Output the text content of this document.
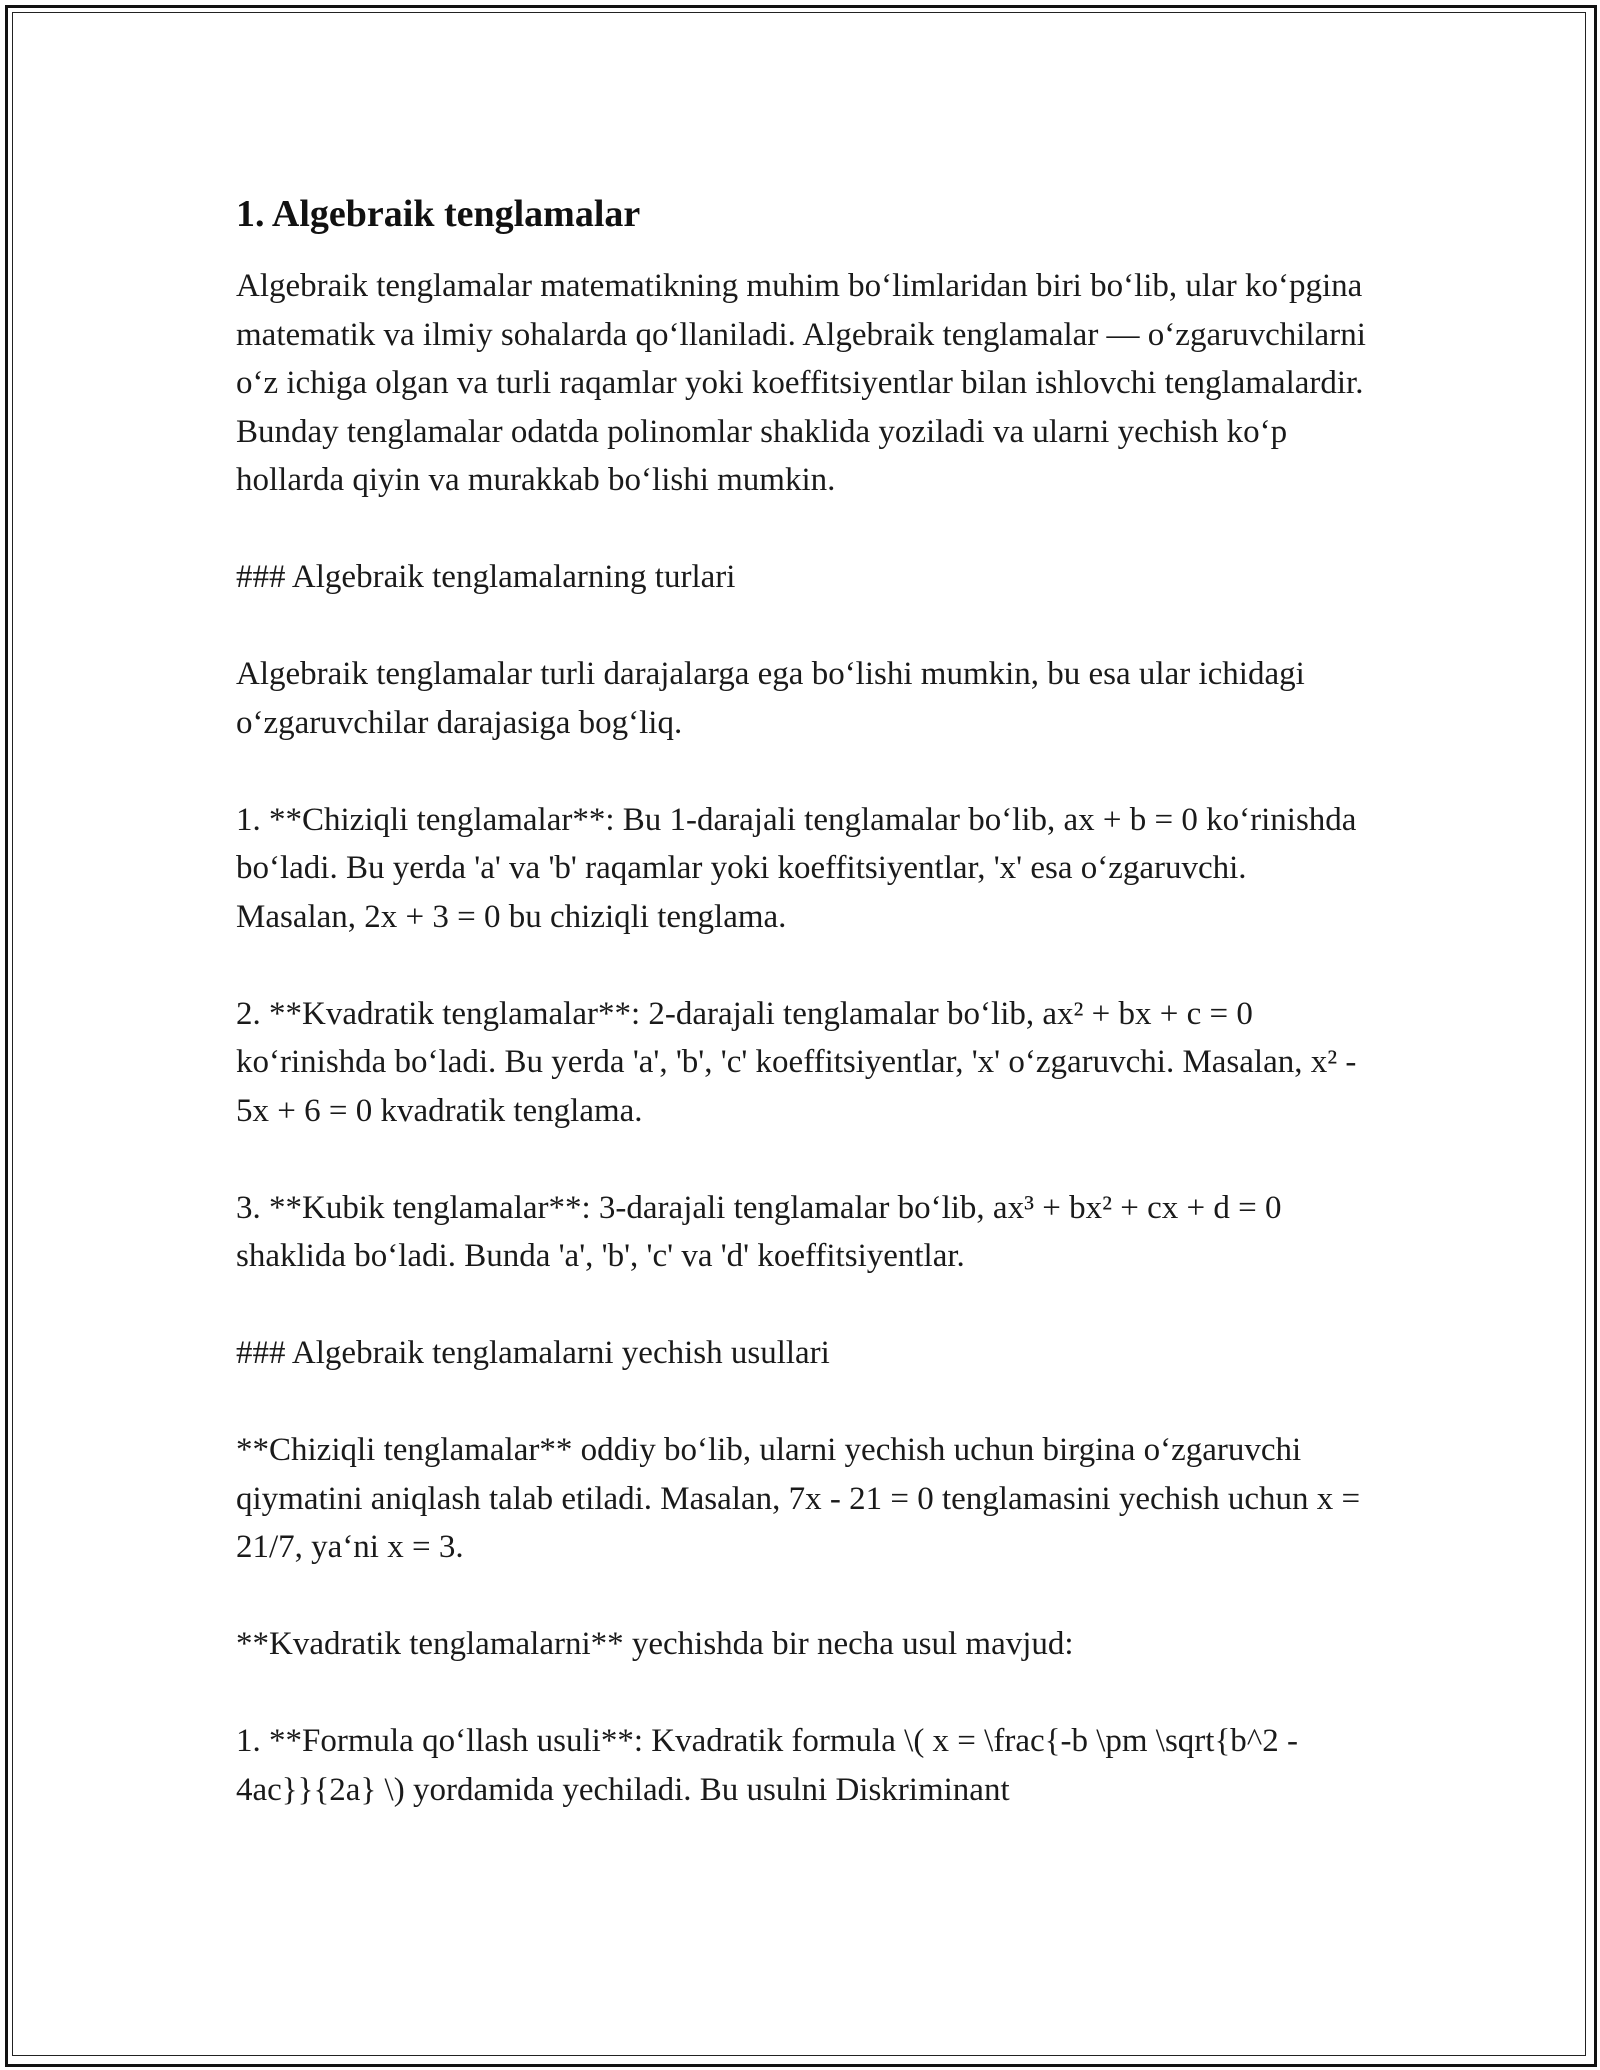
1. Algebraik tenglamalar

Algebraik tenglamalar matematikning muhim bo‘limlaridan biri bo‘lib, ular ko‘pgina matematik va ilmiy sohalarda qo‘llaniladi. Algebraik tenglamalar — o‘zgaruvchilarni o‘z ichiga olgan va turli raqamlar yoki koeffitsiyentlar bilan ishlovchi tenglamalardir. Bunday tenglamalar odatda polinomlar shaklida yoziladi va ularni yechish ko‘p hollarda qiyin va murakkab bo‘lishi mumkin.

### Algebraik tenglamalarning turlari

Algebraik tenglamalar turli darajalarga ega bo‘lishi mumkin, bu esa ular ichidagi o‘zgaruvchilar darajasiga bog‘liq.

1. **Chiziqli tenglamalar**: Bu 1-darajali tenglamalar bo‘lib, ax + b = 0 ko‘rinishda bo‘ladi. Bu yerda 'a' va 'b' raqamlar yoki koeffitsiyentlar, 'x' esa o‘zgaruvchi. Masalan, 2x + 3 = 0 bu chiziqli tenglama.

2. **Kvadratik tenglamalar**: 2-darajali tenglamalar bo‘lib, ax² + bx + c = 0 ko‘rinishda bo‘ladi. Bu yerda 'a', 'b', 'c' koeffitsiyentlar, 'x' o‘zgaruvchi. Masalan, x² - 5x + 6 = 0 kvadratik tenglama.

3. **Kubik tenglamalar**: 3-darajali tenglamalar bo‘lib, ax³ + bx² + cx + d = 0 shaklida bo‘ladi. Bunda 'a', 'b', 'c' va 'd' koeffitsiyentlar.

### Algebraik tenglamalarni yechish usullari

**Chiziqli tenglamalar** oddiy bo‘lib, ularni yechish uchun birgina o‘zgaruvchi qiymatini aniqlash talab etiladi. Masalan, 7x - 21 = 0 tenglamasini yechish uchun x = 21/7, ya‘ni x = 3.

**Kvadratik tenglamalarni** yechishda bir necha usul mavjud:

1. **Formula qo‘llash usuli**: Kvadratik formula \( x = \frac{-b \pm \sqrt{b^2 - 4ac}}{2a} \) yordamida yechiladi. Bu usulni Diskriminant
